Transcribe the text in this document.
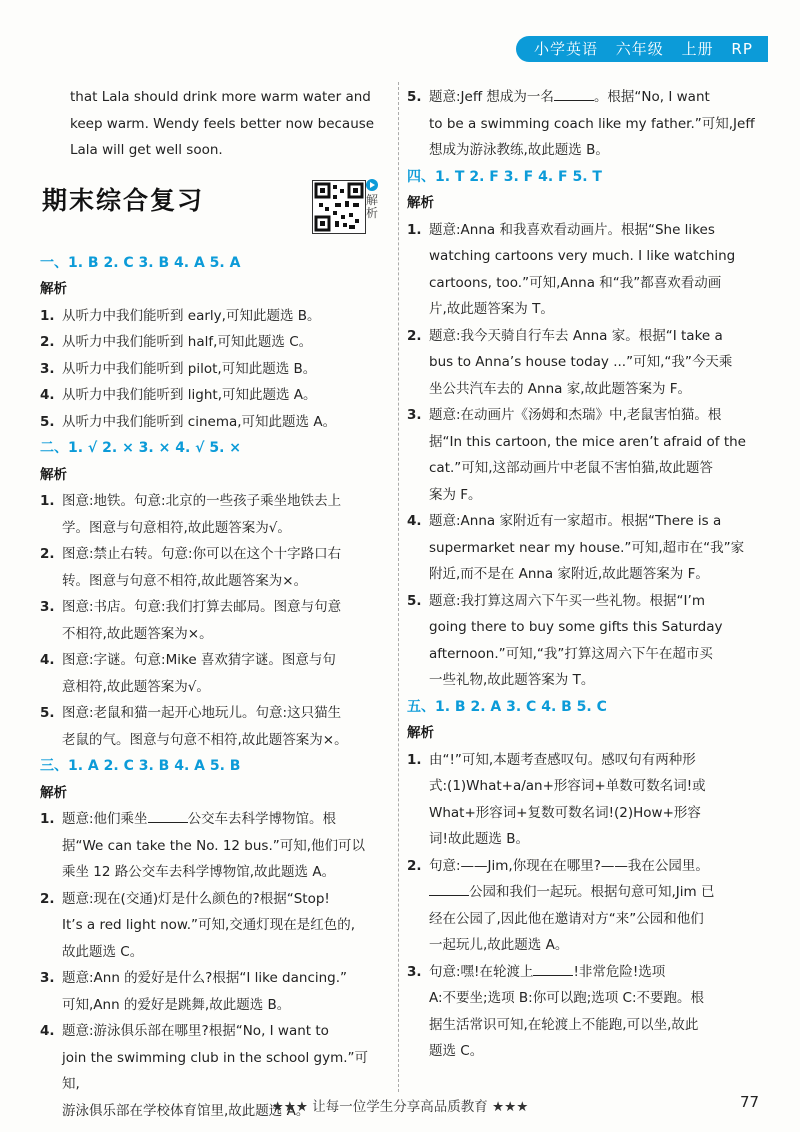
小学英语 六年级 上册 RP

that Lala should drink more warm water and

keep warm. Wendy feels better now because

Lala will get well soon.

期末综合复习	解析
一、1. B 2. C 3. B 4. A 5. A
解析
1. 从听力中我们能听到 early,可知此题选 B。
2. 从听力中我们能听到 half,可知此题选 C。
3. 从听力中我们能听到 pilot,可知此题选 B。
4. 从听力中我们能听到 light,可知此题选 A。
5. 从听力中我们能听到 cinema,可知此题选 A。
二、1. √ 2. × 3. × 4. √ 5. ×
解析
1. 图意:地铁。句意:北京的一些孩子乘坐地铁去上
学。图意与句意相符,故此题答案为√。
2. 图意:禁止右转。句意:你可以在这个十字路口右
转。图意与句意不相符,故此题答案为×。
3. 图意:书店。句意:我们打算去邮局。图意与句意
不相符,故此题答案为×。
4. 图意:字谜。句意:Mike 喜欢猜字谜。图意与句
意相符,故此题答案为√。
5. 图意:老鼠和猫一起开心地玩儿。句意:这只猫生
老鼠的气。图意与句意不相符,故此题答案为×。
三、1. A 2. C 3. B 4. A 5. B
解析
1. 题意:他们乘坐	公交车去科学博物馆。根
据“We can take the No. 12 bus.”可知,他们可以
乘坐 12 路公交车去科学博物馆,故此题选 A。
2. 题意:现在(交通)灯是什么颜色的?根据“Stop!
It’s a red light now.”可知,交通灯现在是红色的,
故此题选 C。
3. 题意:Ann 的爱好是什么?根据“I like dancing.”
可知,Ann 的爱好是跳舞,故此题选 B。
4. 题意:游泳俱乐部在哪里?根据“No, I want to
join the swimming club in the school gym.”可知,
游泳俱乐部在学校体育馆里,故此题选 A。
5. 题意:Jeff 想成为一名	。根据“No, I want
to be a swimming coach like my father.”可知,Jeff
想成为游泳教练,故此题选 B。
四、1. T 2. F 3. F 4. F 5. T
解析
1. 题意:Anna 和我喜欢看动画片。根据“She likes
watching cartoons very much. I like watching
cartoons, too.”可知,Anna 和“我”都喜欢看动画
片,故此题答案为 T。
2. 题意:我今天骑自行车去 Anna 家。根据“I take a
bus to Anna’s house today ...”可知,“我”今天乘
坐公共汽车去的 Anna 家,故此题答案为 F。
3. 题意:在动画片《汤姆和杰瑞》中,老鼠害怕猫。根
据“In this cartoon, the mice aren’t afraid of the
cat.”可知,这部动画片中老鼠不害怕猫,故此题答
案为 F。
4. 题意:Anna 家附近有一家超市。根据“There is a
supermarket near my house.”可知,超市在“我”家
附近,而不是在 Anna 家附近,故此题答案为 F。
5. 题意:我打算这周六下午买一些礼物。根据“I’m
going there to buy some gifts this Saturday
afternoon.”可知,“我”打算这周六下午在超市买
一些礼物,故此题答案为 T。
五、1. B 2. A 3. C 4. B 5. C
解析
1. 由“!”可知,本题考查感叹句。感叹句有两种形
式:(1)What+a/an+形容词+单数可数名词!或
What+形容词+复数可数名词!(2)How+形容
词!故此题选 B。
2. 句意:——Jim,你现在在哪里?——我在公园里。
公园和我们一起玩。根据句意可知,Jim 已
经在公园了,因此他在邀请对方“来”公园和他们
一起玩儿,故此题选 A。
3. 句意:嘿!在轮渡上	!非常危险!选项
A:不要坐;选项 B:你可以跑;选项 C:不要跑。根
据生活常识可知,在轮渡上不能跑,可以坐,故此
题选 C。
★★★ 让每一位学生分享高品质教育 ★★★	77
